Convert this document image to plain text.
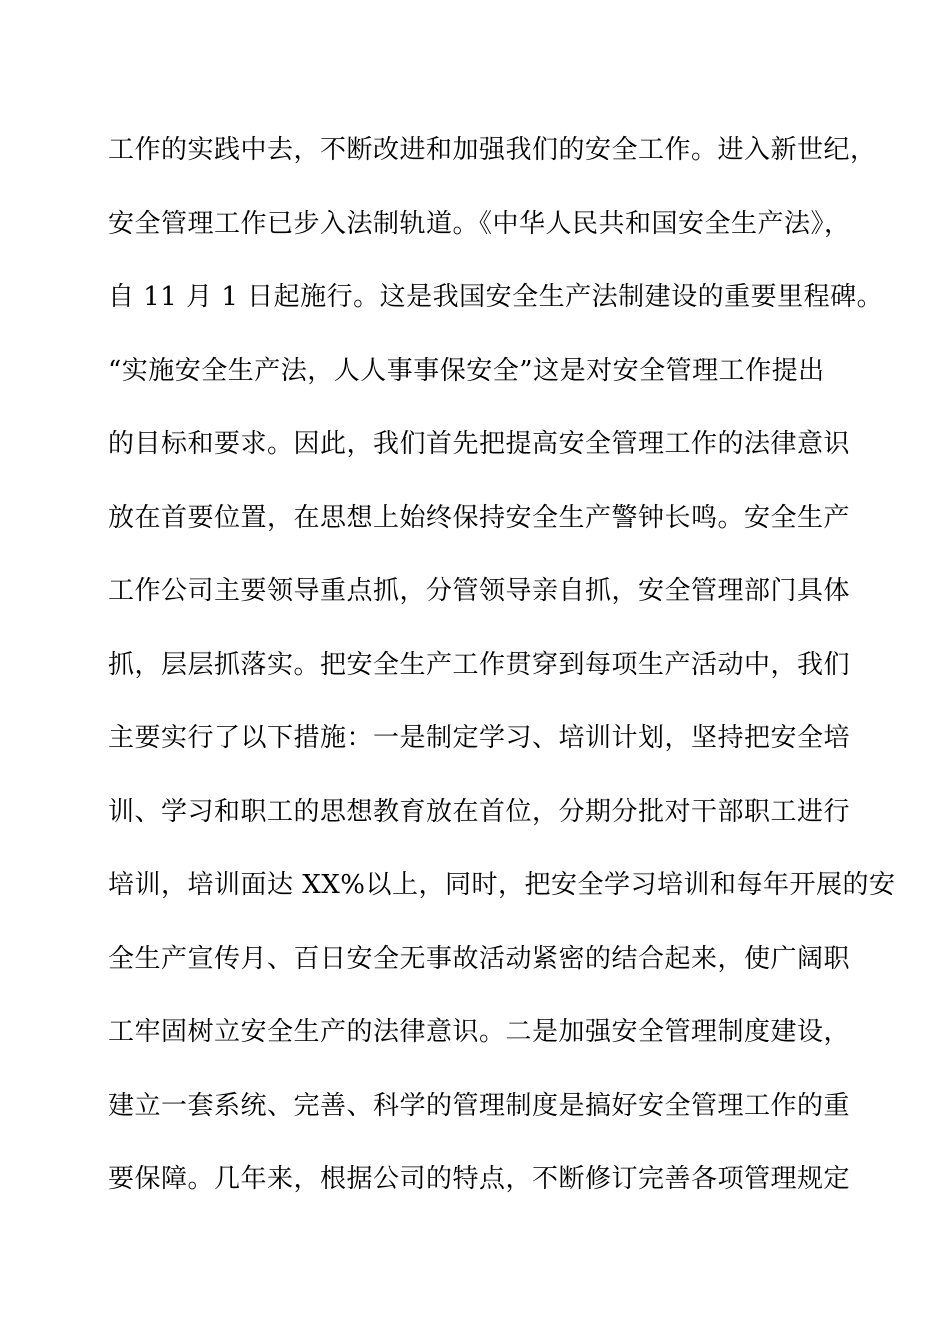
工作的实践中去，不断改进和加强我们的安全工作。进入新世纪，
安全管理工作已步入法制轨道。《中华人民共和国安全生产法》，
自 11 月 1 日起施行。这是我国安全生产法制建设的重要里程碑。
“实施安全生产法，人人事事保安全”这是对安全管理工作提出
的目标和要求。因此，我们首先把提高安全管理工作的法律意识
放在首要位置，在思想上始终保持安全生产警钟长鸣。安全生产
工作公司主要领导重点抓，分管领导亲自抓，安全管理部门具体
抓，层层抓落实。把安全生产工作贯穿到每项生产活动中，我们
主要实行了以下措施：一是制定学习、培训计划，坚持把安全培
训、学习和职工的思想教育放在首位，分期分批对干部职工进行
培训，培训面达 XX%以上，同时，把安全学习培训和每年开展的安
全生产宣传月、百日安全无事故活动紧密的结合起来，使广阔职
工牢固树立安全生产的法律意识。二是加强安全管理制度建设，
建立一套系统、完善、科学的管理制度是搞好安全管理工作的重
要保障。几年来，根据公司的特点，不断修订完善各项管理规定
